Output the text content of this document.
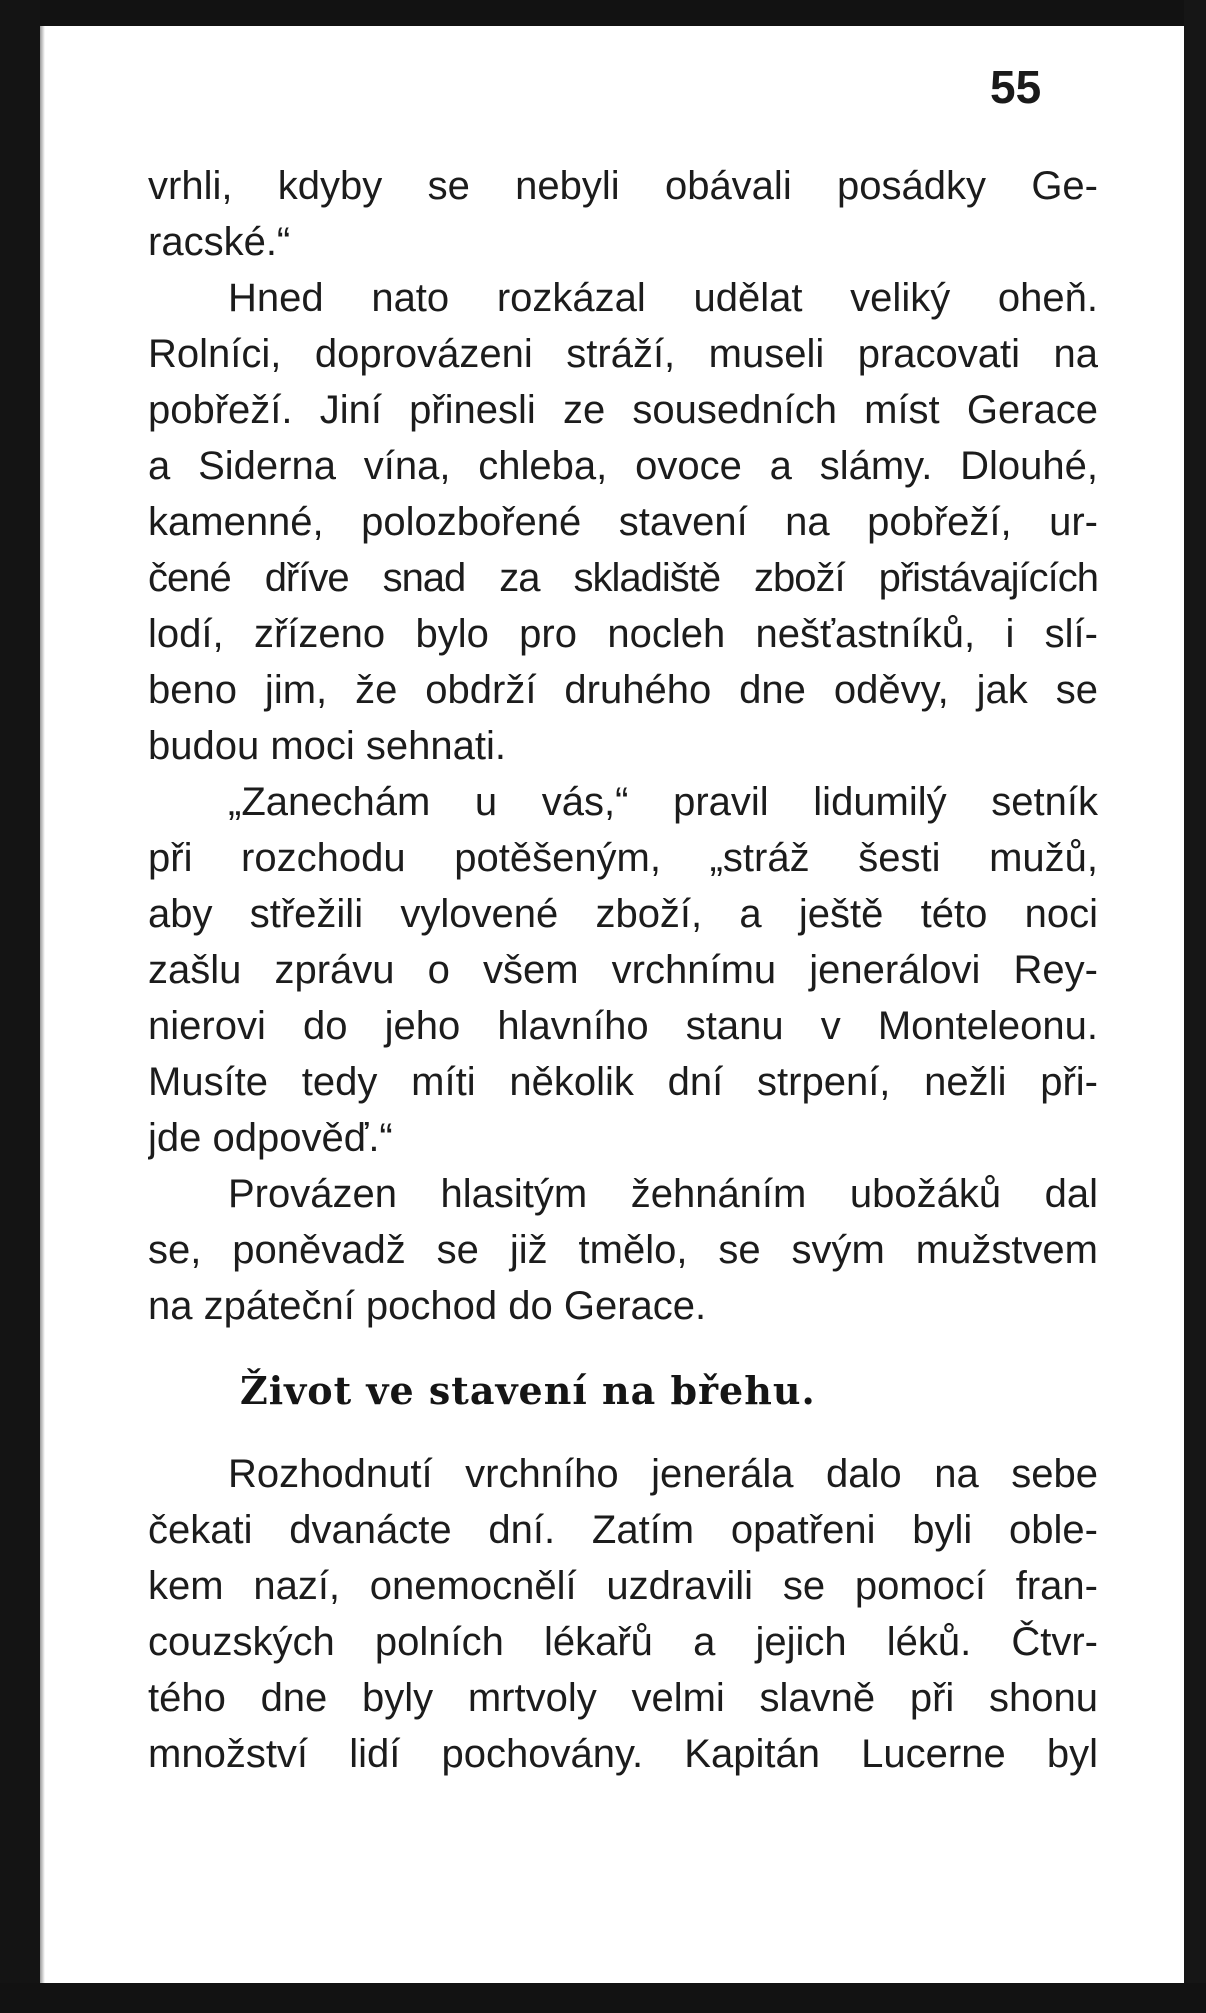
55
vrhli, kdyby se nebyli obávali posádky Ge-
racské.“
Hned nato rozkázal udělat veliký oheň.
Rolníci, doprovázeni stráží, museli pracovati na
pobřeží. Jiní přinesli ze sousedních míst Gerace
a Siderna vína, chleba, ovoce a slámy. Dlouhé,
kamenné, polozbořené stavení na pobřeží, ur-
čené dříve snad za skladiště zboží přistávajících
lodí, zřízeno bylo pro nocleh nešťastníků, i slí-
beno jim, že obdrží druhého dne oděvy, jak se
budou moci sehnati.
„Zanechám u vás,“ pravil lidumilý setník
při rozchodu potěšeným, „stráž šesti mužů,
aby střežili vylovené zboží, a ještě této noci
zašlu zprávu o všem vrchnímu jenerálovi Rey-
nierovi do jeho hlavního stanu v Monteleonu.
Musíte tedy míti několik dní strpení, nežli při-
jde odpověď.“
Provázen hlasitým žehnáním ubožáků dal
se, poněvadž se již tmělo, se svým mužstvem
na zpáteční pochod do Gerace.
Život ve stavení na břehu.
Rozhodnutí vrchního jenerála dalo na sebe
čekati dvanácte dní. Zatím opatřeni byli oble-
kem nazí, onemocnělí uzdravili se pomocí fran-
couzských polních lékařů a jejich léků. Čtvr-
tého dne byly mrtvoly velmi slavně při shonu
množství lidí pochovány. Kapitán Lucerne byl
